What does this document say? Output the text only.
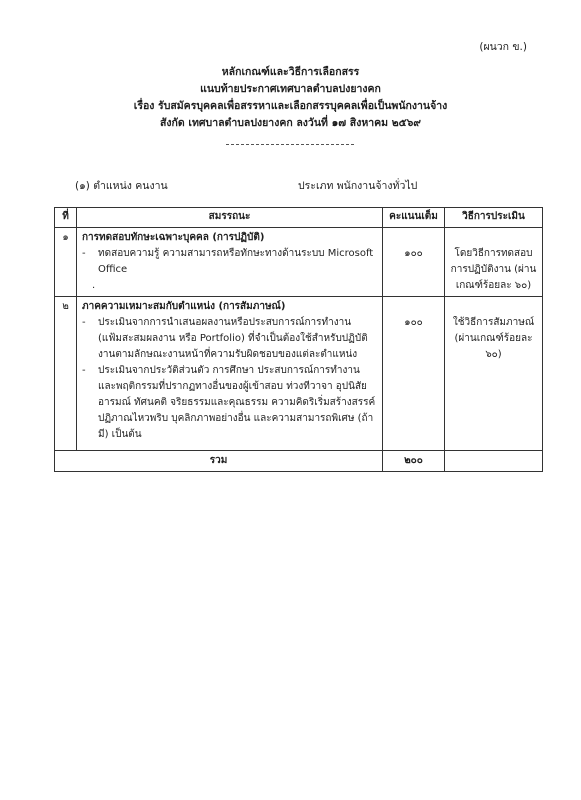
(ผนวก ข.)
หลักเกณฑ์และวิธีการเลือกสรร
แนบท้ายประกาศเทศบาลตำบลปงยางคก
เรื่อง รับสมัครบุคคลเพื่อสรรหาและเลือกสรรบุคคลเพื่อเป็นพนักงานจ้าง
สังกัด เทศบาลตำบลปงยางคก ลงวันที่ ๑๗ สิงหาคม ๒๕๖๙
(๑) ตำแหน่ง คนงาน	ประเภท พนักงานจ้างทั่วไป
ที่	สมรรถนะ	คะแนนเต็ม	วิธีการประเมิน
๑	การทดสอบทักษะเฉพาะบุคคล (การปฏิบัติ)
- ทดสอบความรู้ ความสามารถหรือทักษะทางด้านระบบ Microsoft Office
.	๑๐๐	โดยวิธีการทดสอบการปฏิบัติงาน (ผ่านเกณฑ์ร้อยละ ๖๐)

๒	ภาคความเหมาะสมกับตำแหน่ง (การสัมภาษณ์)
- ประเมินจากการนำเสนอผลงานหรือประสบการณ์การทำงาน (แฟ้มสะสมผลงาน หรือ Portfolio) ที่จำเป็นต้องใช้สำหรับปฏิบัติงานตามลักษณะงานหน้าที่ความรับผิดชอบของแต่ละตำแหน่ง
- ประเมินจากประวัติส่วนตัว การศึกษา ประสบการณ์การทำงาน และพฤติกรรมที่ปรากฏทางอื่นของผู้เข้าสอบ ท่วงทีวาจา อุปนิสัย อารมณ์ ทัศนคติ จริยธรรมและคุณธรรม ความคิดริเริ่มสร้างสรรค์ ปฏิภาณไหวพริบ บุคลิกภาพอย่างอื่น และความสามารถพิเศษ (ถ้ามี) เป็นต้น	๑๐๐	ใช้วิธีการสัมภาษณ์ (ผ่านเกณฑ์ร้อยละ ๖๐)

รวม		๒๐๐	
